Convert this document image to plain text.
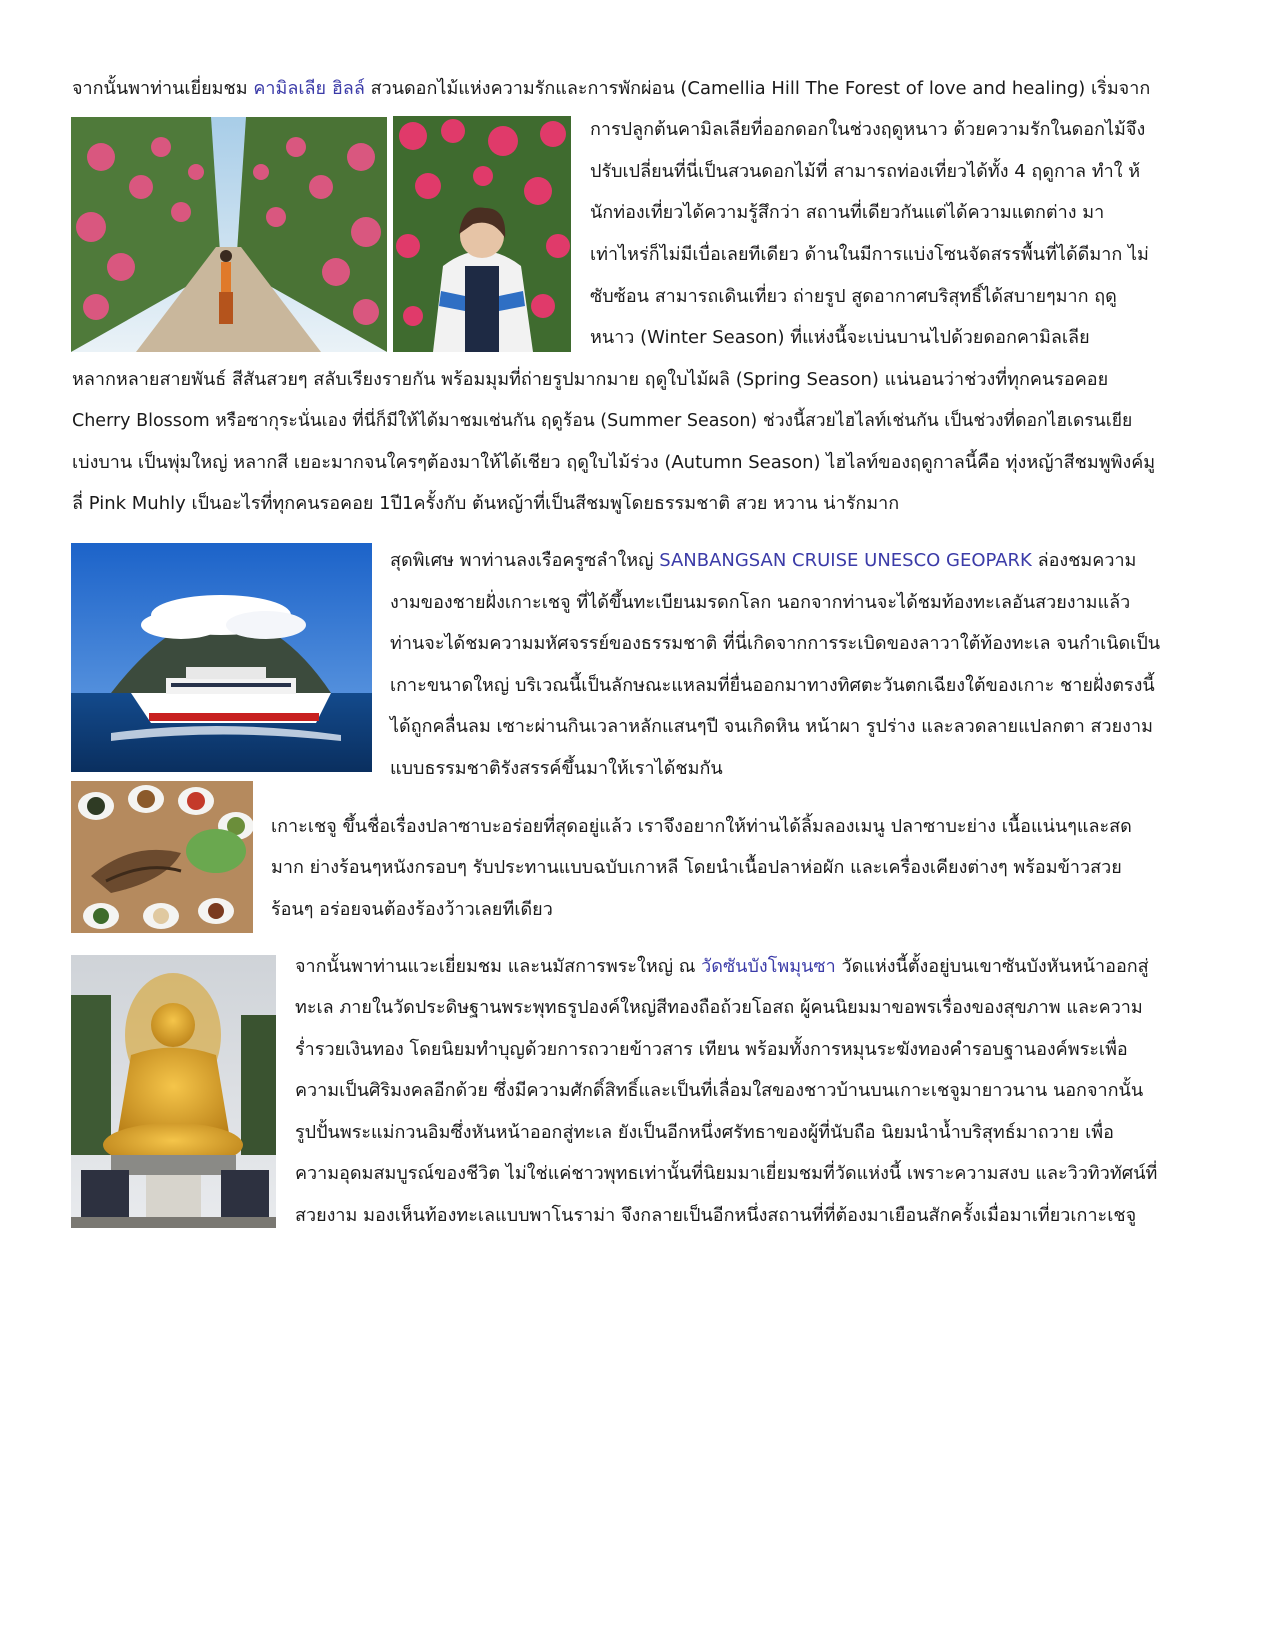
จากนั้นพาท่านเยี่ยมชม คามิลเลีย ฮิลล์ สวนดอกไม้แห่งความรักและการพักผ่อน (Camellia Hill The Forest of love and healing) เริ่มจาก
การปลูกต้นคามิลเลียที่ออกดอกในช่วงฤดูหนาว ด้วยความรักในดอกไม้จึง
ปรับเปลี่ยนที่นี่เป็นสวนดอกไม้ที่ สามารถท่องเที่ยวได้ทั้ง 4 ฤดูกาล ทำใ ห้
นักท่องเที่ยวได้ความรู้สึกว่า สถานที่เดียวกันแต่ได้ความแตกต่าง มา
เท่าไหร่ก็ไม่มีเบื่อเลยทีเดียว ด้านในมีการแบ่งโซนจัดสรรพื้นที่ได้ดีมาก ไม่
ซับซ้อน สามารถเดินเที่ยว ถ่ายรูป สูดอากาศบริสุทธิ์ได้สบายๆมาก ฤดู
หนาว (Winter Season) ที่แห่งนี้จะเบ่นบานไปด้วยดอกคามิลเลีย
หลากหลายสายพันธ์ สีสันสวยๆ สลับเรียงรายกัน พร้อมมุมที่ถ่ายรูปมากมาย ฤดูใบไม้ผลิ (Spring Season) แน่นอนว่าช่วงที่ทุกคนรอคอย
Cherry Blossom หรือซากุระนั่นเอง ที่นี่ก็มีให้ได้มาชมเช่นกัน ฤดูร้อน (Summer Season) ช่วงนี้สวยไฮไลท์เช่นกัน เป็นช่วงที่ดอกไฮเดรนเยีย
เบ่งบาน เป็นพุ่มใหญ่ หลากสี เยอะมากจนใครๆต้องมาให้ได้เชียว ฤดูใบไม้ร่วง (Autumn Season) ไฮไลท์ของฤดูกาลนี้คือ ทุ่งหญ้าสีชมพูพิงค์มู
ลี่ Pink Muhly เป็นอะไรที่ทุกคนรอคอย 1ปี1ครั้งกับ ต้นหญ้าที่เป็นสีชมพูโดยธรรมชาติ สวย หวาน น่ารักมาก
สุดพิเศษ พาท่านลงเรือครูซลำใหญ่ SANBANGSAN CRUISE UNESCO GEOPARK ล่องชมความ
งามของชายฝั่งเกาะเชจู ที่ได้ขึ้นทะเบียนมรดกโลก นอกจากท่านจะได้ชมท้องทะเลอันสวยงามแล้ว
ท่านจะได้ชมความมหัศจรรย์ของธรรมชาติ ที่นี่เกิดจากการระเบิดของลาวาใต้ท้องทะเล จนกำเนิดเป็น
เกาะขนาดใหญ่ บริเวณนี้เป็นลักษณะแหลมที่ยื่นออกมาทางทิศตะวันตกเฉียงใต้ของเกาะ ชายฝั่งตรงนี้
ได้ถูกคลื่นลม เซาะผ่านกินเวลาหลักแสนๆปี จนเกิดหิน หน้าผา รูปร่าง และลวดลายแปลกตา สวยงาม
แบบธรรมชาติรังสรรค์ขึ้นมาให้เราได้ชมกัน
เกาะเชจู ขึ้นชื่อเรื่องปลาซาบะอร่อยที่สุดอยู่แล้ว เราจึงอยากให้ท่านได้ลิ้มลองเมนู ปลาซาบะย่าง เนื้อแน่นๆและสด
มาก ย่างร้อนๆหนังกรอบๆ รับประทานแบบฉบับเกาหลี โดยนำเนื้อปลาห่อผัก และเครื่องเคียงต่างๆ พร้อมข้าวสวย
ร้อนๆ อร่อยจนต้องร้องว้าวเลยทีเดียว
จากนั้นพาท่านแวะเยี่ยมชม และนมัสการพระใหญ่ ณ วัดซันบังโพมุนซา วัดแห่งนี้ตั้งอยู่บนเขาซันบังหันหน้าออกสู่
ทะเล ภายในวัดประดิษฐานพระพุทธรูปองค์ใหญ่สีทองถือถ้วยโอสถ ผู้คนนิยมมาขอพรเรื่องของสุขภาพ และความ
ร่ำรวยเงินทอง โดยนิยมทำบุญด้วยการถวายข้าวสาร เทียน พร้อมทั้งการหมุนระฆังทองคำรอบฐานองค์พระเพื่อ
ความเป็นศิริมงคลอีกด้วย ซึ่งมีความศักดิ์สิทธิ์และเป็นที่เลื่อมใสของชาวบ้านบนเกาะเชจูมายาวนาน นอกจากนั้น
รูปปั้นพระแม่กวนอิมซึ่งหันหน้าออกสู่ทะเล ยังเป็นอีกหนึ่งศรัทธาของผู้ที่นับถือ นิยมนำน้ำบริสุทธ์มาถวาย เพื่อ
ความอุดมสมบูรณ์ของชีวิต ไม่ใช่แค่ชาวพุทธเท่านั้นที่นิยมมาเยี่ยมชมที่วัดแห่งนี้ เพราะความสงบ และวิวทิวทัศน์ที่
สวยงาม มองเห็นท้องทะเลแบบพาโนราม่า จึงกลายเป็นอีกหนึ่งสถานที่ที่ต้องมาเยือนสักครั้งเมื่อมาเที่ยวเกาะเชจู
